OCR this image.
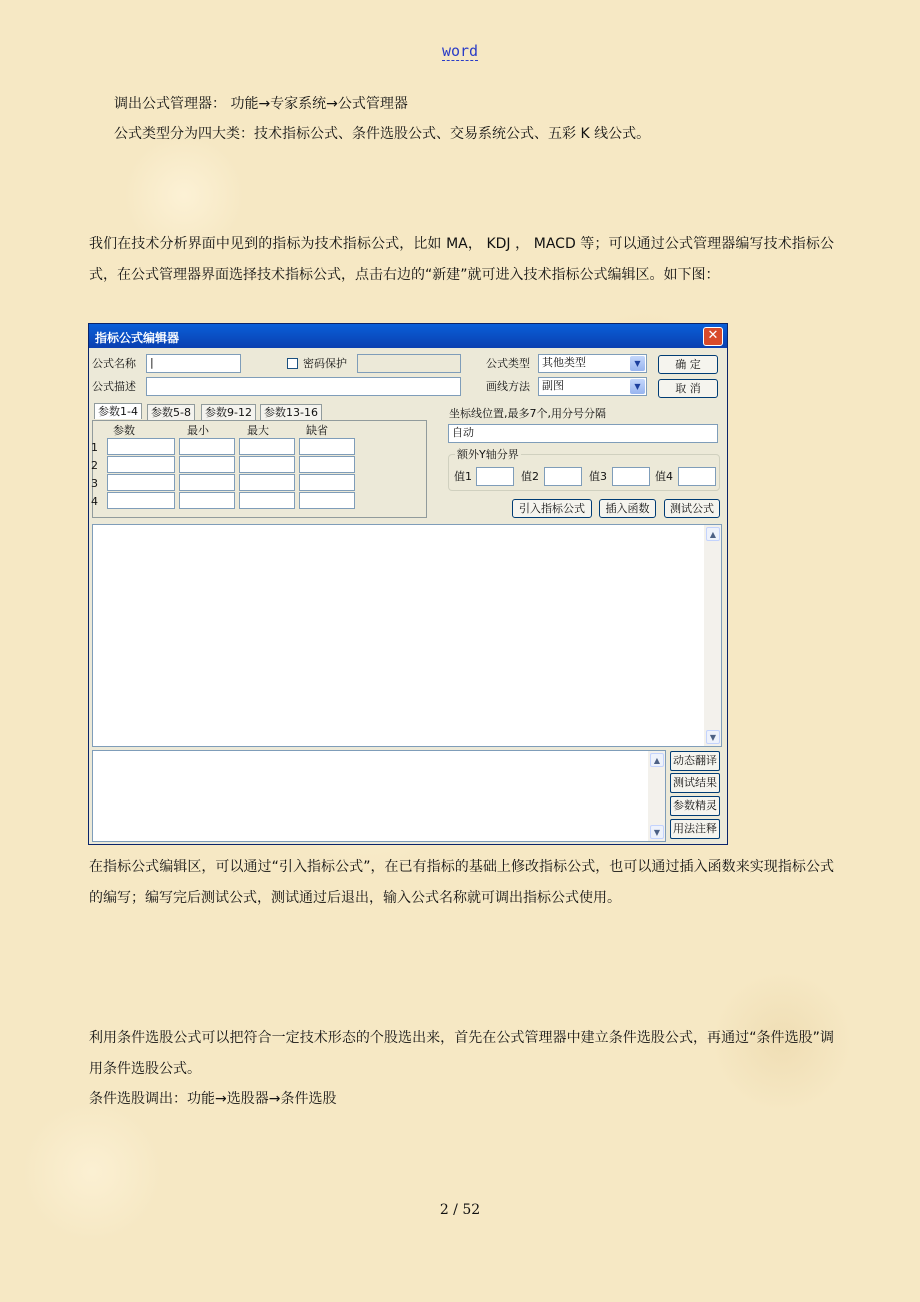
word
调出公式管理器： 功能→专家系统→公式管理器
公式类型分为四大类：技术指标公式、条件选股公式、交易系统公式、五彩 K 线公式。
我们在技术分析界面中见到的指标为技术指标公式，比如 MA， KDJ ， MACD 等；可以通过公式管理器编写技术指标公式，在公式管理器界面选择技术指标公式，点击右边的“新建”就可进入技术指标公式编辑区。如下图：
指标公式编辑器	✕
公式名称	|	密码保护	公式类型	其他类型	▼	确 定
公式描述	画线方法	副图	▼	取 消
参数1-4	参数5-8	参数9-12	参数13-16
参数	最小	最大	缺省
1
2
3
4
坐标线位置,最多7个,用分号分隔
自动
额外Y轴分界
值1	值2	值3	值4
引入指标公式	插入函数	测试公式
▲
▼
▲
▼
动态翻译
测试结果
参数精灵
用法注释
在指标公式编辑区，可以通过“引入指标公式”，在已有指标的基础上修改指标公式，也可以通过插入函数来实现指标公式的编写；编写完后测试公式，测试通过后退出，输入公式名称就可调出指标公式使用。
利用条件选股公式可以把符合一定技术形态的个股选出来，首先在公式管理器中建立条件选股公式，再通过“条件选股”调用条件选股公式。
条件选股调出：功能→选股器→条件选股
2 / 52
